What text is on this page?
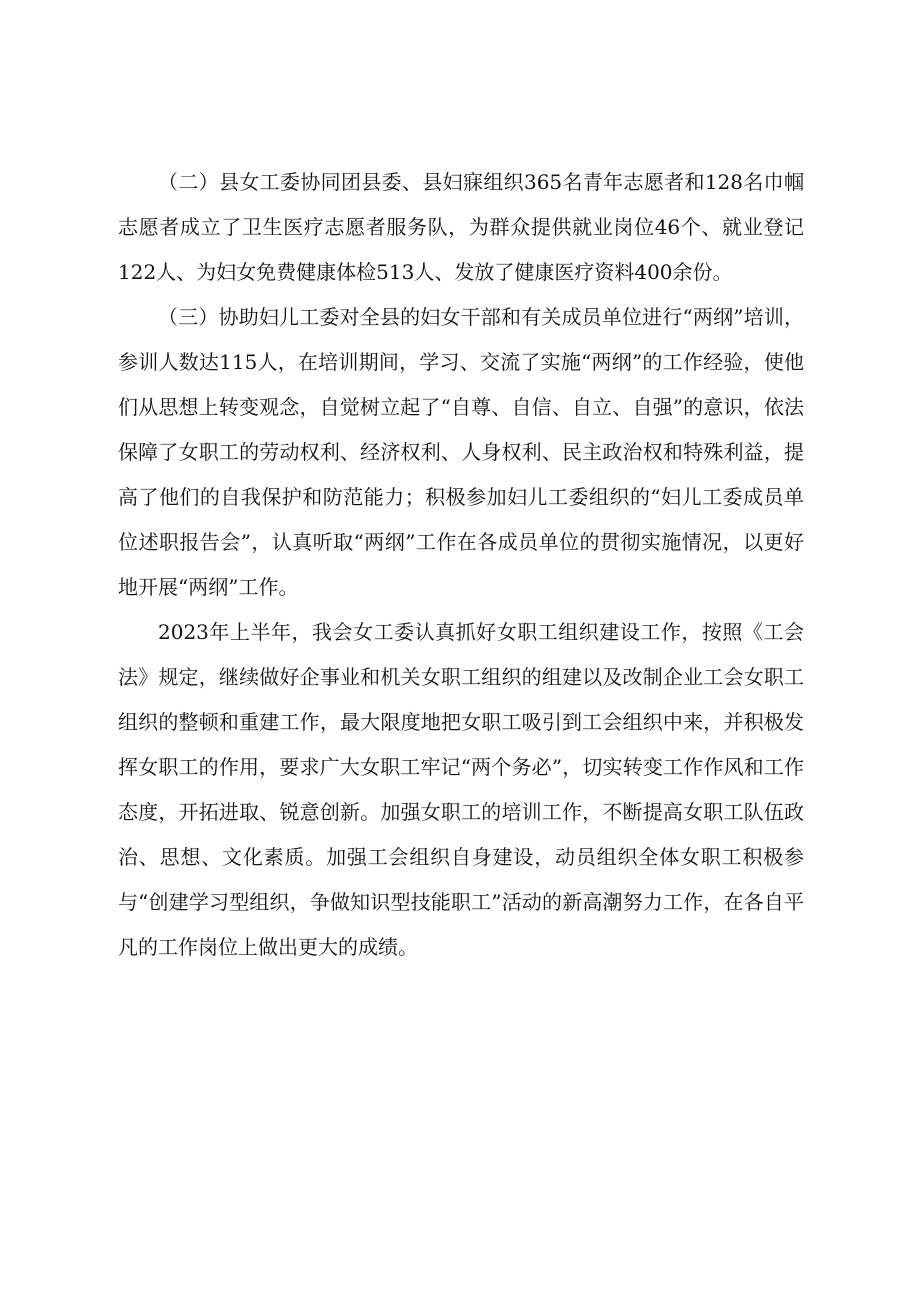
（二）县女工委协同团县委、县妇寐组织365名青年志愿者和128名巾帼志愿者成立了卫生医疗志愿者服务队，为群众提供就业岗位46个、就业登记122人、为妇女免费健康体检513人、发放了健康医疗资料400余份。

（三）协助妇儿工委对全县的妇女干部和有关成员单位进行“两纲”培训，参训人数达115人，在培训期间，学习、交流了实施“两纲”的工作经验，使他们从思想上转变观念，自觉树立起了“自尊、自信、自立、自强”的意识，依法保障了女职工的劳动权利、经济权利、人身权利、民主政治权和特殊利益，提高了他们的自我保护和防范能力；积极参加妇儿工委组织的“妇儿工委成员单位述职报告会”，认真听取“两纲”工作在各成员单位的贯彻实施情况，以更好地开展“两纲”工作。

2023年上半年，我会女工委认真抓好女职工组织建设工作，按照《工会法》规定，继续做好企事业和机关女职工组织的组建以及改制企业工会女职工组织的整顿和重建工作，最大限度地把女职工吸引到工会组织中来，并积极发挥女职工的作用，要求广大女职工牢记“两个务必”，切实转变工作作风和工作态度，开拓进取、锐意创新。加强女职工的培训工作，不断提高女职工队伍政治、思想、文化素质。加强工会组织自身建设，动员组织全体女职工积极参与“创建学习型组织，争做知识型技能职工”活动的新高潮努力工作，在各自平凡的工作岗位上做出更大的成绩。
